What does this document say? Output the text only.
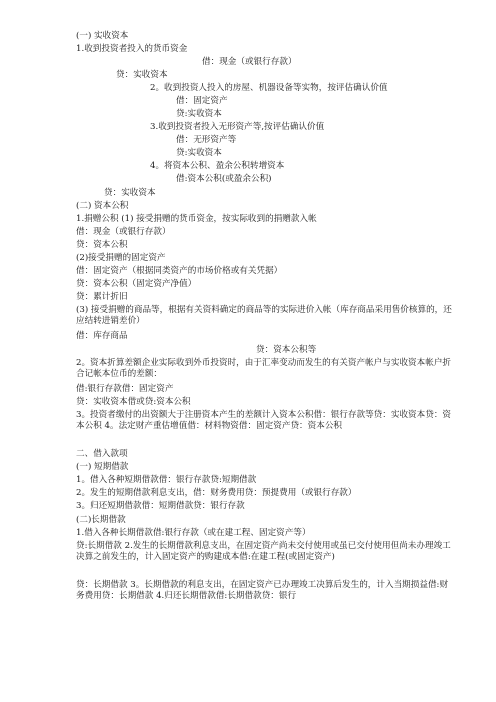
(一) 实收资本
1.收到投资者投入的货币资金
借：现金（或银行存款）
贷：实收资本
2。收到投资人投入的房屋、机器设备等实物，按评估确认价值
借：固定资产
贷:实收资本
3.收到投资者投入无形资产等,按评估确认价值
借：无形资产等
贷:实收资本
4。将资本公积、盈余公积转增资本
借:资本公积(或盈余公积)
贷：实收资本
(二) 资本公积
1.捐赠公积 (1) 接受捐赠的货币资金，按实际收到的捐赠款入帐
借：现金（或银行存款）
贷：资本公积
(2)接受捐赠的固定资产
借：固定资产（根据同类资产的市场价格或有关凭据）
贷：资本公积（固定资产净值）
贷：累计折旧
(3) 接受捐赠的商品等，根据有关资料确定的商品等的实际进价入帐（库存商品采用售价核算的，还应结转进销差价）
借：库存商品
贷：资本公积等
2。资本折算差额企业实际收到外币投资时，由于汇率变动而发生的有关资产帐户与实收资本帐户折合记帐本位币的差额：
借:银行存款借：固定资产
贷：实收资本借或贷:资本公积
3。投资者缴付的出资额大于注册资本产生的差额计入资本公积借：银行存款等贷：实收资本贷：资本公积 4。法定财产重估增值借：材料物资借：固定资产贷：资本公积
二、借入款项
(一) 短期借款
1。借入各种短期借款借：银行存款贷:短期借款
2。发生的短期借款利息支出，借：财务费用贷：预提费用（或银行存款）
3。归还短期借款借：短期借款贷：银行存款
(二)长期借款
1.借入各种长期借款借:银行存款（或在建工程、固定资产等）
贷:长期借款 2.发生的长期借款利息支出，在固定资产尚未交付使用或虽已交付使用但尚未办理竣工决算之前发生的，计入固定资产的购建成本借:在建工程(或固定资产)
贷：长期借款 3。长期借款的利息支出，在固定资产已办理竣工决算后发生的，计入当期损益借:财务费用贷：长期借款 4.归还长期借款借:长期借款贷：银行
